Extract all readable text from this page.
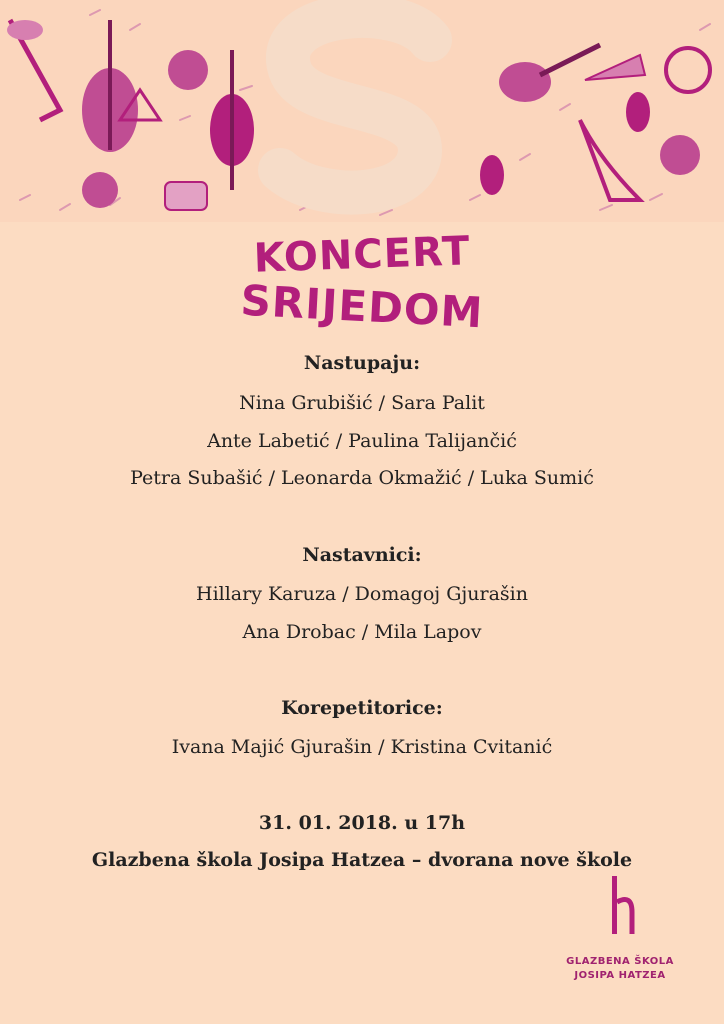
KONCERT
SRIJEDOM
Nastupaju:
Nina Grubišić / Sara Palit
Ante Labetić / Paulina Talijančić
Petra Subašić / Leonarda Okmažić / Luka Sumić
Nastavnici:
Hillary Karuza / Domagoj Gjurašin
Ana Drobac / Mila Lapov
Korepetitorice:
Ivana Majić Gjurašin / Kristina Cvitanić
31. 01. 2018. u 17h
Glazbena škola Josipa Hatzea – dvorana nove škole
GLAZBENA ŠKOLA
JOSIPA HATZEA
